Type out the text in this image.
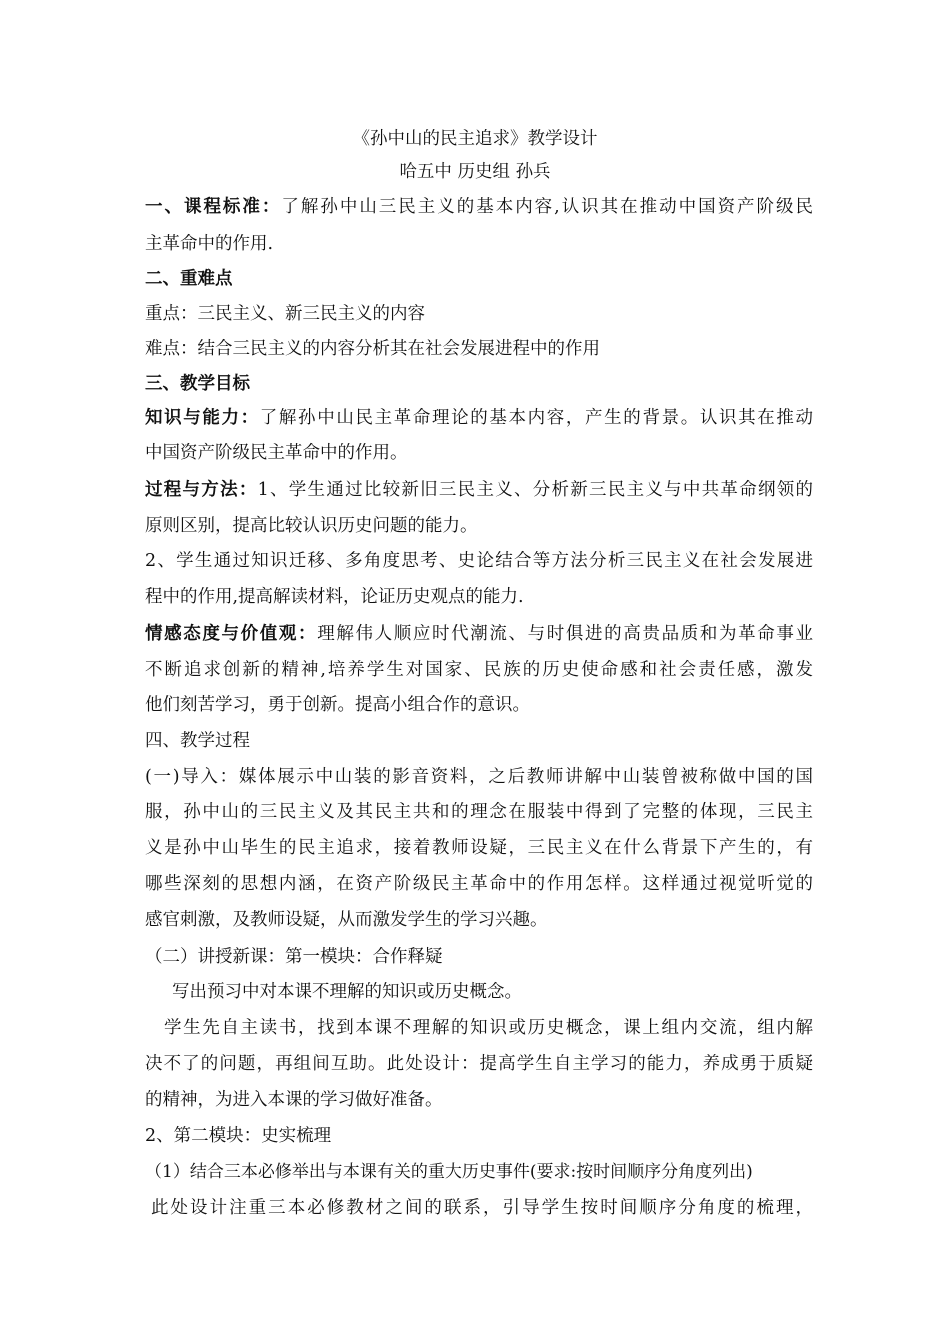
《孙中山的民主追求》教学设计
哈五中 历史组 孙兵
一、课程标准：了解孙中山三民主义的基本内容,认识其在推动中国资产阶级民
主革命中的作用.
二、重难点
重点：三民主义、新三民主义的内容
难点：结合三民主义的内容分析其在社会发展进程中的作用
三、教学目标
知识与能力：了解孙中山民主革命理论的基本内容，产生的背景。认识其在推动
中国资产阶级民主革命中的作用。
过程与方法：1、学生通过比较新旧三民主义、分析新三民主义与中共革命纲领的
原则区别，提高比较认识历史问题的能力。
2、学生通过知识迁移、多角度思考、史论结合等方法分析三民主义在社会发展进
程中的作用,提高解读材料，论证历史观点的能力.
情感态度与价值观：理解伟人顺应时代潮流、与时俱进的高贵品质和为革命事业
不断追求创新的精神,培养学生对国家、民族的历史使命感和社会责任感，激发
他们刻苦学习，勇于创新。提高小组合作的意识。
四、教学过程
(一)导入：媒体展示中山装的影音资料，之后教师讲解中山装曾被称做中国的国
服，孙中山的三民主义及其民主共和的理念在服装中得到了完整的体现，三民主
义是孙中山毕生的民主追求，接着教师设疑，三民主义在什么背景下产生的，有
哪些深刻的思想内涵，在资产阶级民主革命中的作用怎样。这样通过视觉听觉的
感官刺激，及教师设疑，从而激发学生的学习兴趣。
（二）讲授新课：第一模块：合作释疑
写出预习中对本课不理解的知识或历史概念。
学生先自主读书，找到本课不理解的知识或历史概念，课上组内交流，组内解
决不了的问题，再组间互助。此处设计：提高学生自主学习的能力，养成勇于质疑
的精神，为进入本课的学习做好准备。
2、第二模块：史实梳理
（1）结合三本必修举出与本课有关的重大历史事件(要求:按时间顺序分角度列出)
此处设计注重三本必修教材之间的联系，引导学生按时间顺序分角度的梳理，
